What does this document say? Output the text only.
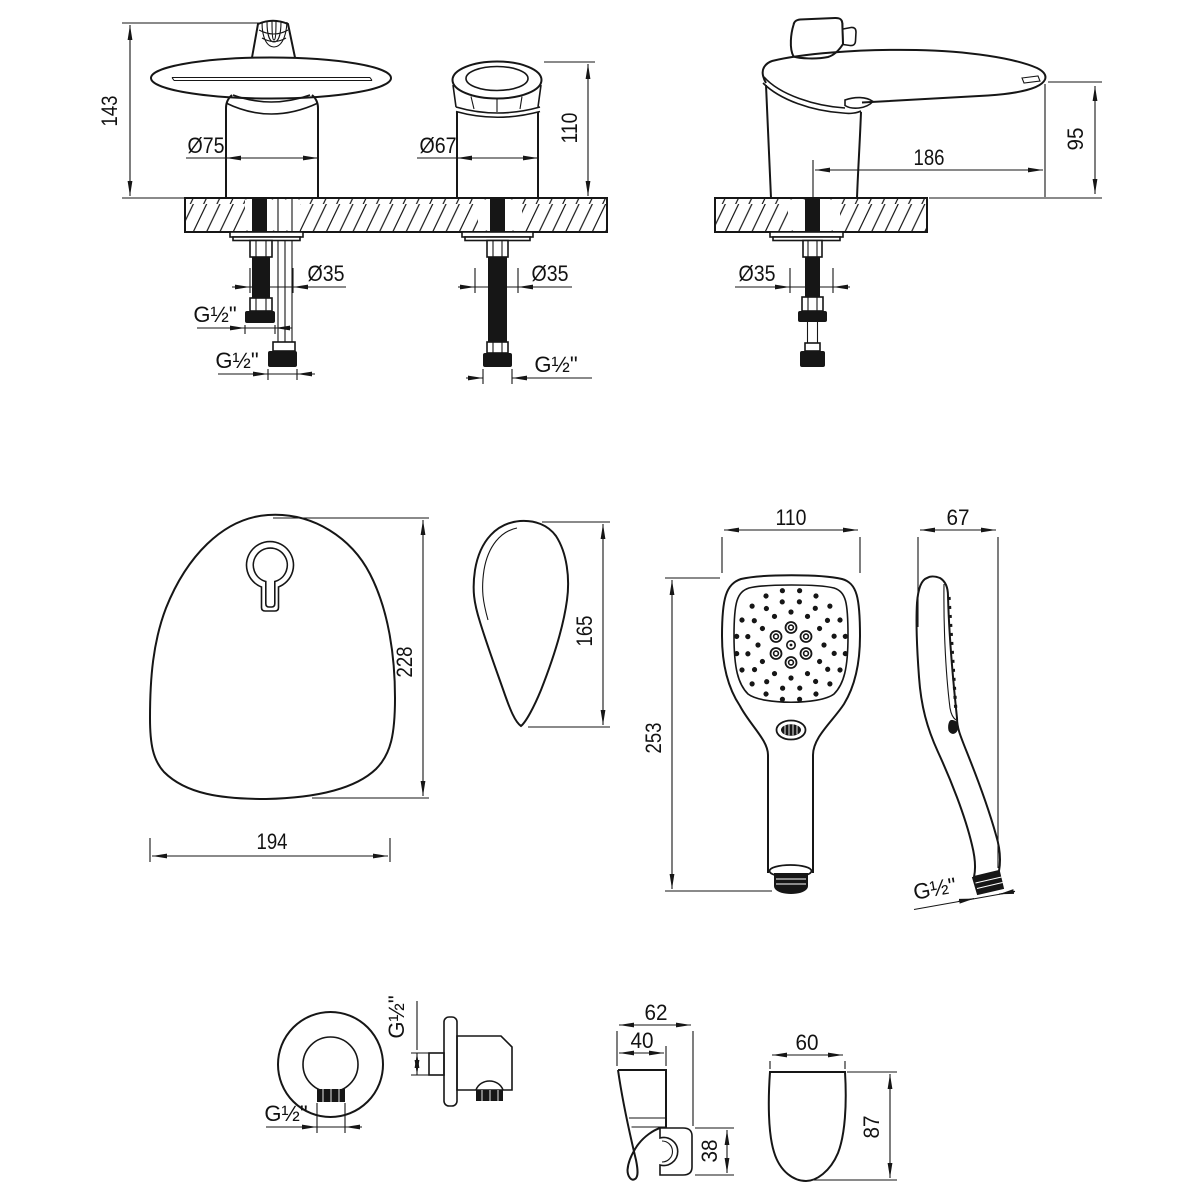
143
Ø75	Ø67
110
186
95
Ø35	Ø35	Ø35
G½"
G½"	G½"
228
194
165
110	67
253
G½"
G½"
G½"	62
40
38
60
87
